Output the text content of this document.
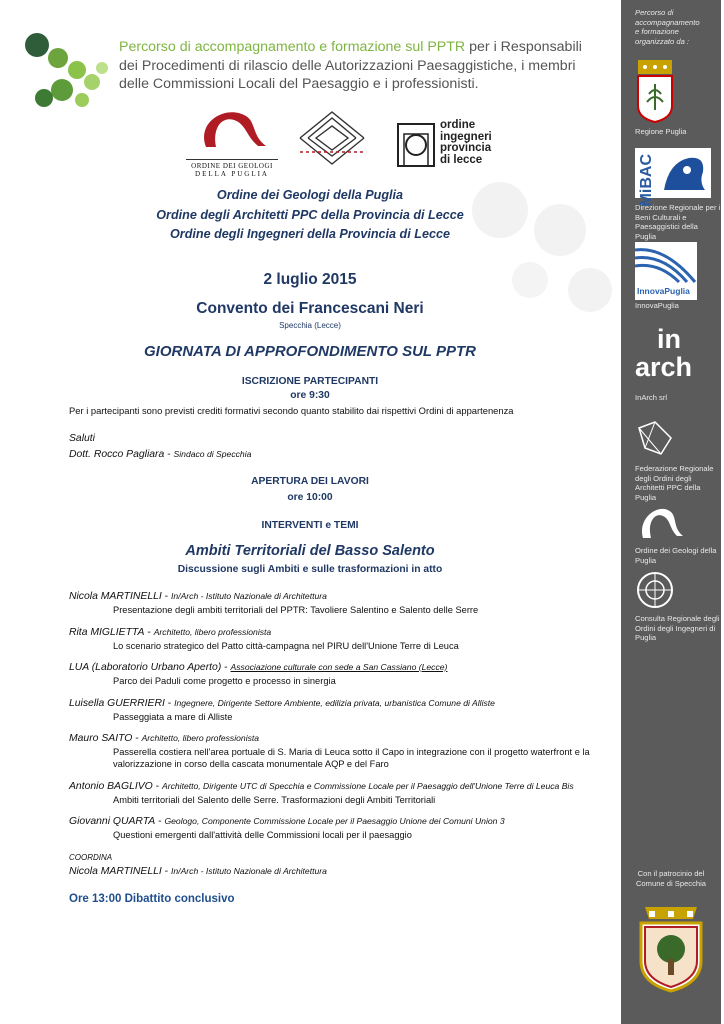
Percorso di accompagnamento e formazione sul PPTR per i Responsabili dei Procedimenti di rilascio delle Autorizzazioni Paesaggistiche, i membri delle Commissioni Locali del Paesaggio e i professionisti.
ORDINE DEI GEOLOGI
DELLA PUGLIA
ordine
ingegneri
provincia
di lecce
Ordine dei Geologi della Puglia
Ordine degli Architetti PPC della Provincia di Lecce
Ordine degli Ingegneri della Provincia di Lecce
2 luglio 2015
Convento dei Francescani Neri
Specchia (Lecce)
GIORNATA DI APPROFONDIMENTO SUL PPTR
ISCRIZIONE PARTECIPANTI
ore 9:30
Per i partecipanti sono previsti crediti formativi secondo quanto stabilito dai rispettivi Ordini di appartenenza
Saluti
Dott. Rocco Pagliara - Sindaco di Specchia
APERTURA DEI LAVORI
ore 10:00
INTERVENTI e TEMI
Ambiti Territoriali del Basso Salento
Discussione sugli Ambiti e sulle trasformazioni in atto
Nicola MARTINELLI - In/Arch - Istituto Nazionale di Architettura
Presentazione degli ambiti territoriali del PPTR: Tavoliere Salentino e Salento delle Serre
Rita MIGLIETTA - Architetto, libero professionista
Lo scenario strategico del Patto città-campagna nel PIRU dell'Unione Terre di Leuca
LUA (Laboratorio Urbano Aperto) - Associazione culturale con sede a San Cassiano (Lecce)
Parco dei Paduli come progetto e processo in sinergia
Luisella GUERRIERI - Ingegnere, Dirigente Settore Ambiente, edilizia privata, urbanistica Comune di Alliste
Passeggiata a mare di Alliste
Mauro SAITO - Architetto, libero professionista
Passerella costiera nell'area portuale di S. Maria di Leuca sotto il Capo in integrazione con il progetto waterfront e la
valorizzazione in corso della cascata monumentale AQP e del Faro
Antonio BAGLIVO - Architetto, Dirigente UTC di Specchia e Commissione Locale per il Paesaggio dell'Unione Terre di Leuca Bis
Ambiti territoriali del Salento delle Serre. Trasformazioni degli Ambiti Territoriali
Giovanni QUARTA - Geologo, Componente Commissione Locale per il Paesaggio Unione dei Comuni Union 3
Questioni emergenti dall'attività delle Commissioni locali per il paesaggio
COORDINA
Nicola MARTINELLI - In/Arch - Istituto Nazionale di Architettura
Ore 13:00 Dibattito conclusivo
Percorso di
accompagnamento
e formazione
organizzato da :
Regione Puglia
MiBAC
Direzione Regionale per i Beni Culturali e Paesaggistici della Puglia
InnovaPuglia
InnovaPuglia
in
arch
InArch srl
Federazione Regionale degli Ordini degli Architetti PPC della Puglia
Ordine dei Geologi della Puglia
Consulta Regionale degli Ordini degli Ingegneri di Puglia
Con il patrocinio del
Comune di Specchia
